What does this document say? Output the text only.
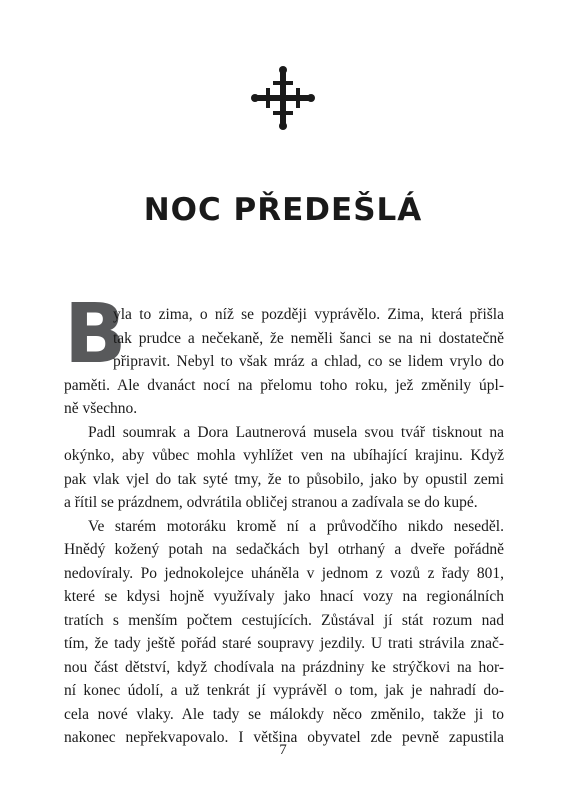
NOC PŘEDEŠLÁ
B
yla to zima, o níž se později vyprávělo. Zima, která přišla
tak prudce a nečekaně, že neměli šanci se na ni dostatečně
připravit. Nebyl to však mráz a chlad, co se lidem vrylo do
paměti. Ale dvanáct nocí na přelomu toho roku, jež změnily úpl-
ně všechno.
Padl soumrak a Dora Lautnerová musela svou tvář tisknout na
okýnko, aby vůbec mohla vyhlížet ven na ubíhající krajinu. Když
pak vlak vjel do tak syté tmy, že to působilo, jako by opustil zemi
a řítil se prázdnem, odvrátila obličej stranou a zadívala se do kupé.
Ve starém motoráku kromě ní a průvodčího nikdo neseděl.
Hnědý kožený potah na sedačkách byl otrhaný a dveře pořádně
nedovíraly. Po jednokolejce uháněla v jednom z vozů z řady 801,
které se kdysi hojně využívaly jako hnací vozy na regionálních
tratích s menším počtem cestujících. Zůstával jí stát rozum nad
tím, že tady ještě pořád staré soupravy jezdily. U trati strávila znač-
nou část dětství, když chodívala na prázdniny ke strýčkovi na hor-
ní konec údolí, a už tenkrát jí vyprávěl o tom, jak je nahradí do-
cela nové vlaky. Ale tady se málokdy něco změnilo, takže ji to
nakonec nepřekvapovalo. I většina obyvatel zde pevně zapustila
7
